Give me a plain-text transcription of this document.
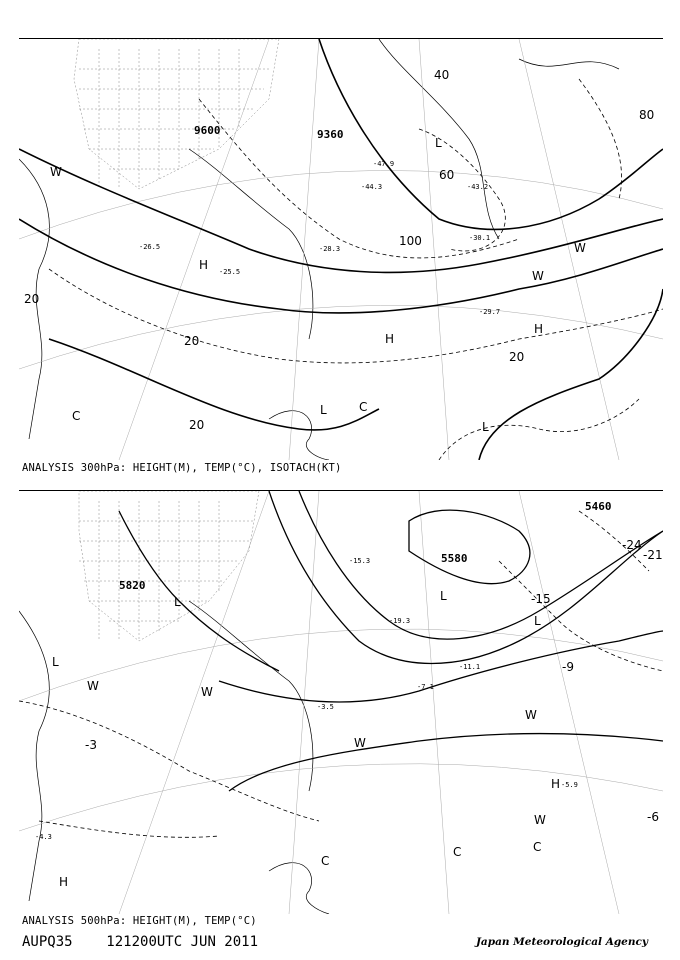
9600	9360
40
80
20
100
60
20
20
20
H
H
H
L
L
L
C
C
W
W
W
-25.5
-26.5	-28.3
-29.7
-30.1
-43.2
-44.3
-47.9
ANALYSIS 300hPa: HEIGHT(M), TEMP(°C), ISOTACH(KT)
5820
5580
5460
-3
-9
-15
-21
-24
-6
L
L
L
L
H
H
C
C	C
W	W
W
W
W
-15.3
-19.3
-11.1
-7.1
-3.5
-5.9
-4.3
ANALYSIS 500hPa: HEIGHT(M), TEMP(°C)
AUPQ35 121200UTC JUN 2011	Japan Meteorological Agency
